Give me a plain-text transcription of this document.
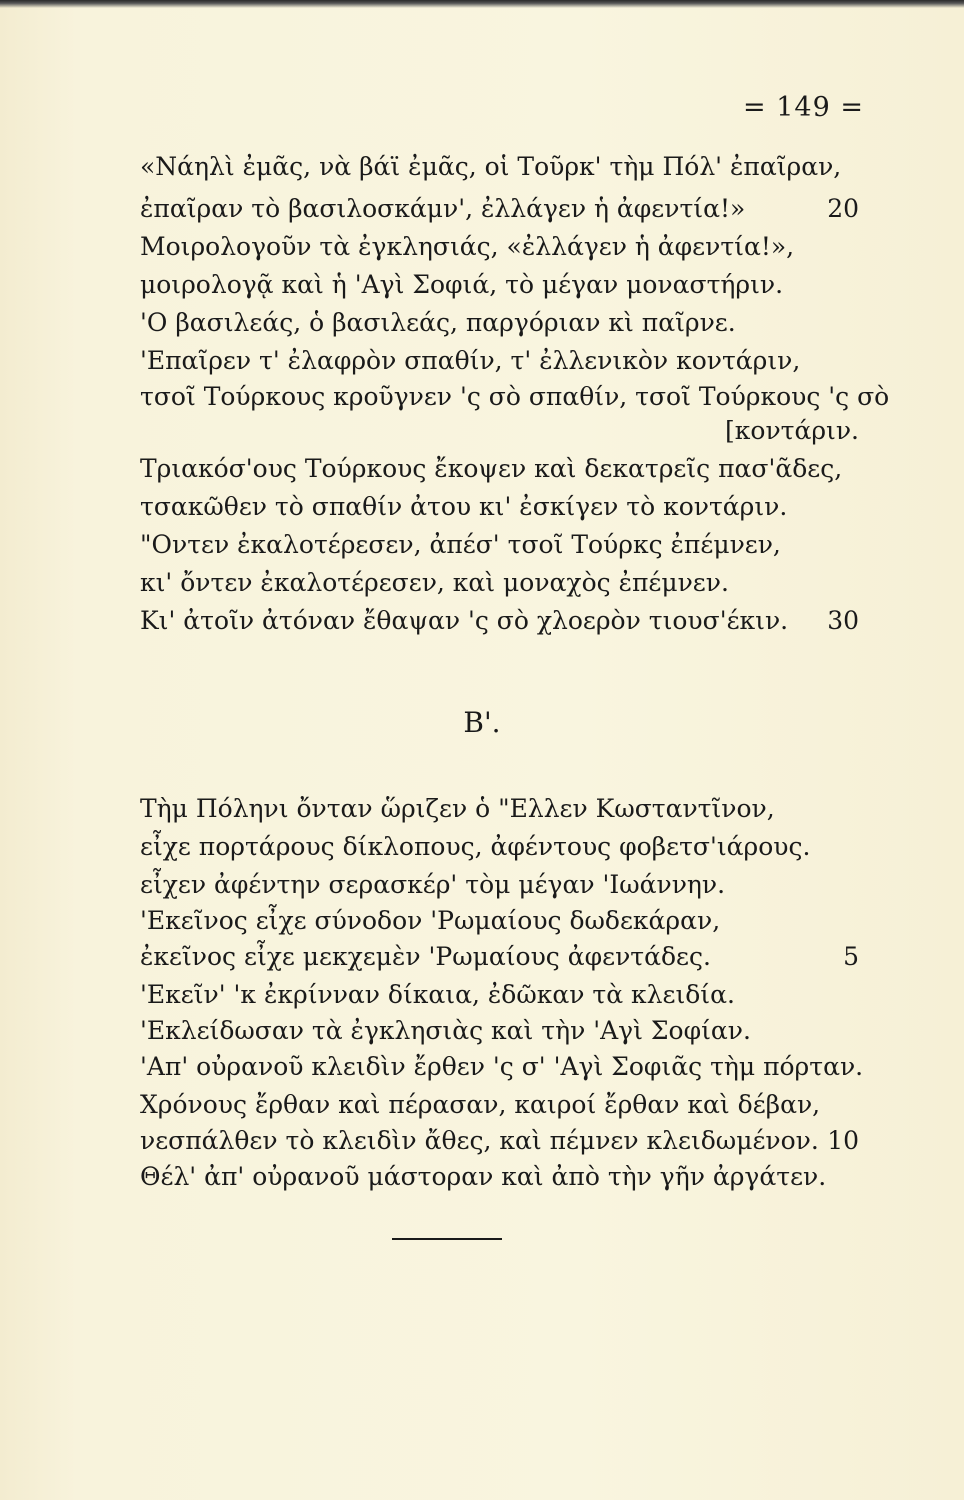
= 149 =
«Νάηλὶ ἐμᾶς, νὰ βάϊ ἐμᾶς, οἱ Τοῦρκ' τὴμ Πόλ' ἐπαῖραν,
ἐπαῖραν τὸ βασιλοσκάμν', ἐλλάγεν ἡ ἀφεντία!»	20
Μοιρολογοῦν τὰ ἐγκλησιάς, «ἐλλάγεν ἡ ἀφεντία!»,
μοιρολογᾷ καὶ ἡ 'Αγὶ Σοφιά, τὸ μέγαν μοναστήριν.
'Ο βασιλεάς, ὁ βασιλεάς, παργόριαν κὶ παῖρνε.
'Επαῖρεν τ' ἐλαφρὸν σπαθίν, τ' ἐλλενικὸν κοντάριν,
τσοῖ Τούρκους κροῦγνεν 'ς σὸ σπαθίν, τσοῖ Τούρκους 'ς σὸ
[κοντάριν.
Τριακόσ'ους Τούρκους ἔκοψεν καὶ δεκατρεῖς πασ'ᾶδες,
τσακῶθεν τὸ σπαθίν ἀτου κι' ἐσκίγεν τὸ κοντάριν.
"Οντεν ἐκαλοτέρεσεν, ἀπέσ' τσοῖ Τούρκς ἐπέμνεν,
κι' ὄντεν ἐκαλοτέρεσεν, καὶ μοναχὸς ἐπέμνεν.
Κι' ἀτοῖν ἀτόναν ἔθαψαν 'ς σὸ χλοερὸν τιουσ'έκιν.	30
Β'.
Τὴμ Πόληνι ὄνταν ὥριζεν ὁ "Ελλεν Κωσταντῖνον,
εἶχε πορτάρους δίκλοπους, ἀφέντους φοβετσ'ιάρους.
εἶχεν ἀφέντην σερασκέρ' τὸμ μέγαν 'Ιωάννην.
'Εκεῖνος εἶχε σύνοδον 'Ρωμαίους δωδεκάραν,
ἐκεῖνος εἶχε μεκχεμὲν 'Ρωμαίους ἀφεντάδες.	5
'Εκεῖν' 'κ ἐκρίνναν δίκαια, ἐδῶκαν τὰ κλειδία.
'Εκλείδωσαν τὰ ἐγκλησιὰς καὶ τὴν 'Αγὶ Σοφίαν.
'Απ' οὐρανοῦ κλειδὶν ἔρθεν 'ς σ' 'Αγὶ Σοφιᾶς τὴμ πόρταν.
Χρόνους ἔρθαν καὶ πέρασαν, καιροί ἔρθαν καὶ δέβαν,
νεσπάλθεν τὸ κλειδὶν ἄθες, καὶ πέμνεν κλειδωμένον. 10
Θέλ' ἀπ' οὐρανοῦ μάστοραν καὶ ἀπὸ τὴν γῆν ἀργάτεν.
